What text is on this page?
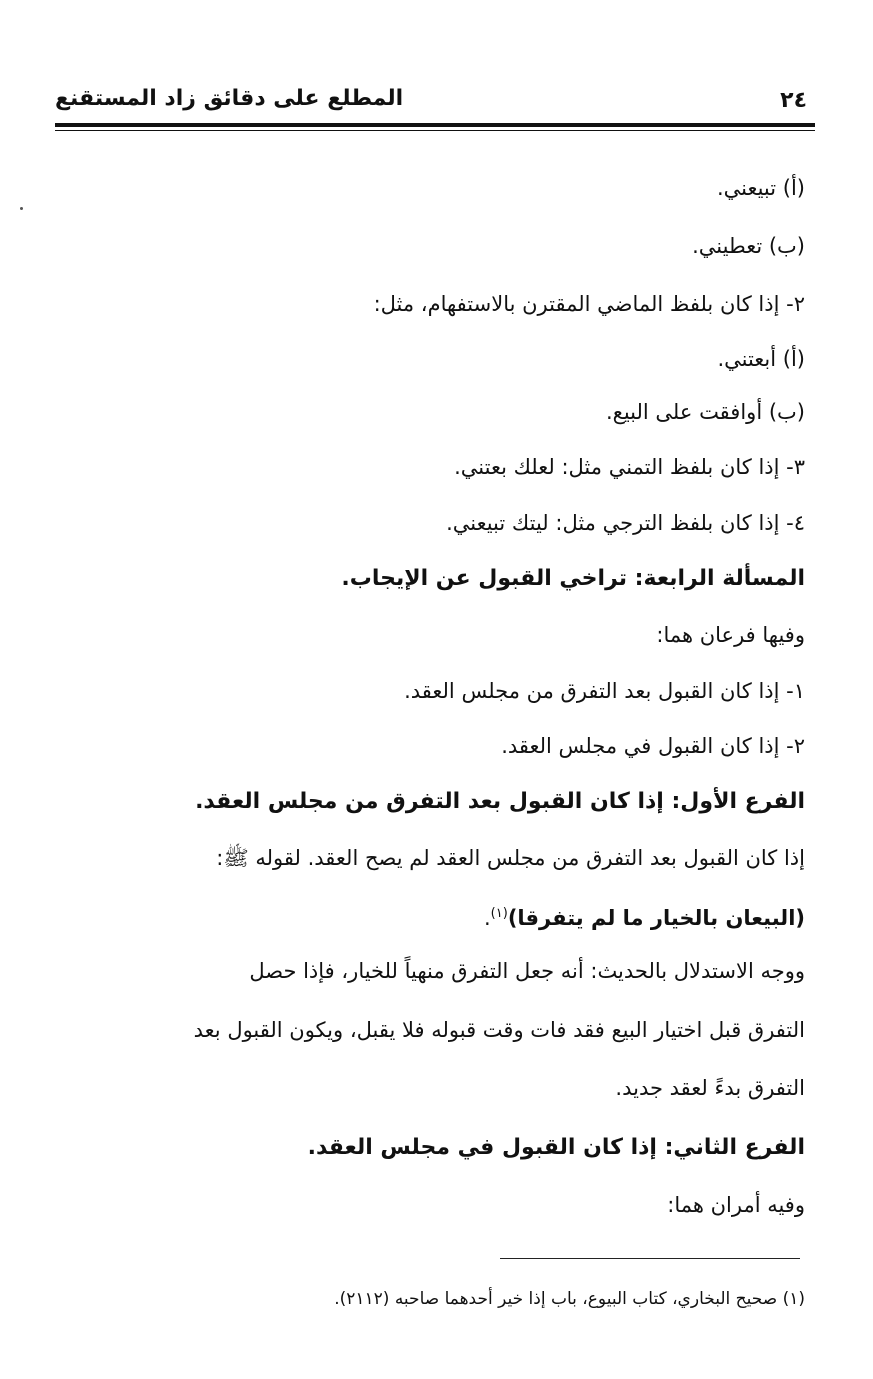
٢٤
المطلع على دقائق زاد المستقنع
(أ) تبيعني.
(ب) تعطيني.
٢- إذا كان بلفظ الماضي المقترن بالاستفهام، مثل:
(أ) أبعتني.
(ب) أوافقت على البيع.
٣- إذا كان بلفظ التمني مثل: لعلك بعتني.
٤- إذا كان بلفظ الترجي مثل: ليتك تبيعني.
المسألة الرابعة: تراخي القبول عن الإيجاب.
وفيها فرعان هما:
١- إذا كان القبول بعد التفرق من مجلس العقد.
٢- إذا كان القبول في مجلس العقد.
الفرع الأول: إذا كان القبول بعد التفرق من مجلس العقد.
إذا كان القبول بعد التفرق من مجلس العقد لم يصح العقد. لقوله ﷺ:
(البيعان بالخيار ما لم يتفرقا)$^{(١)}$.
ووجه الاستدلال بالحديث: أنه جعل التفرق منهياً للخيار، فإذا حصل
التفرق قبل اختيار البيع فقد فات وقت قبوله فلا يقبل، ويكون القبول بعد
التفرق بدءً لعقد جديد.
الفرع الثاني: إذا كان القبول في مجلس العقد.
وفيه أمران هما:
(١) صحيح البخاري، كتاب البيوع، باب إذا خير أحدهما صاحبه (٢١١٢).
